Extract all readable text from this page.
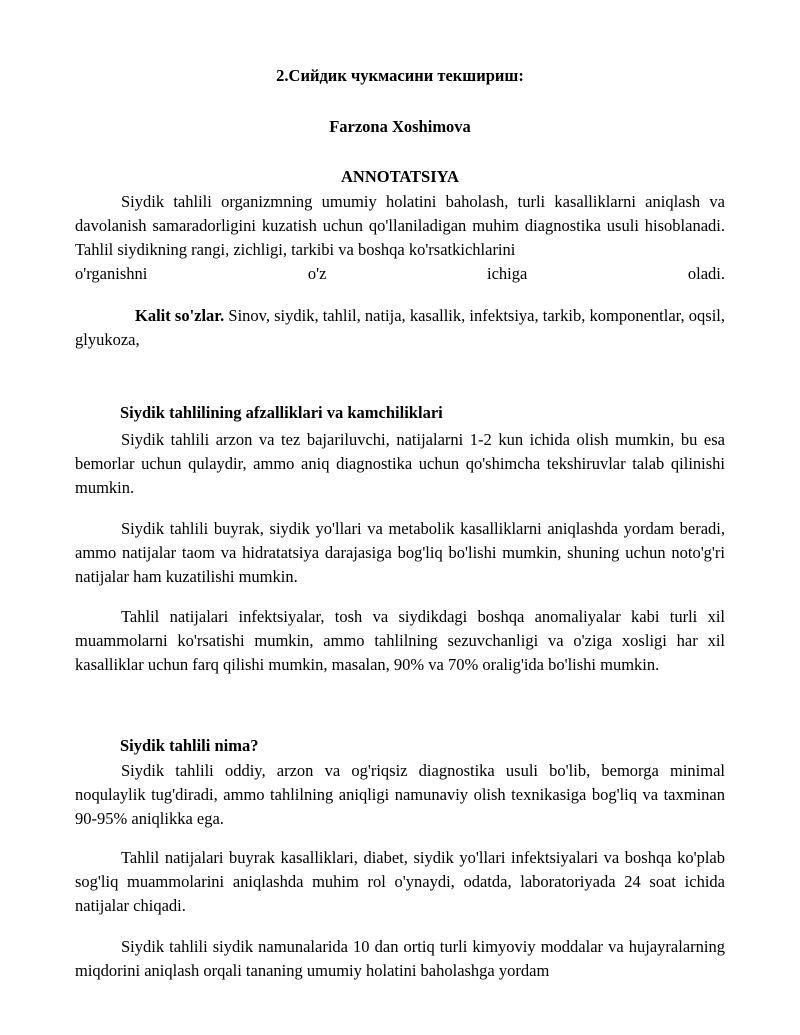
2.Сийдик чукмасини текшириш:
Farzona Xoshimova
ANNOTATSIYA

Siydik tahlili organizmning umumiy holatini baholash, turli kasalliklarni aniqlash va davolanish samaradorligini kuzatish uchun qo'llaniladigan muhim diagnostika usuli hisoblanadi. Tahlil siydikning rangi, zichligi, tarkibi va boshqa ko'rsatkichlarini

o'rganishni	o'z	ichiga	oladi.

Kalit so'zlar. Sinov, siydik, tahlil, natija, kasallik, infektsiya, tarkib, komponentlar, oqsil, glyukoza,

Siydik tahlilining afzalliklari va kamchiliklari

Siydik tahlili arzon va tez bajariluvchi, natijalarni 1-2 kun ichida olish mumkin, bu esa bemorlar uchun qulaydir, ammo aniq diagnostika uchun qo'shimcha tekshiruvlar talab qilinishi mumkin.

Siydik tahlili buyrak, siydik yo'llari va metabolik kasalliklarni aniqlashda yordam beradi, ammo natijalar taom va hidratatsiya darajasiga bog'liq bo'lishi mumkin, shuning uchun noto'g'ri natijalar ham kuzatilishi mumkin.

Tahlil natijalari infektsiyalar, tosh va siydikdagi boshqa anomaliyalar kabi turli xil muammolarni ko'rsatishi mumkin, ammo tahlilning sezuvchanligi va o'ziga xosligi har xil kasalliklar uchun farq qilishi mumkin, masalan, 90% va 70% oralig'ida bo'lishi mumkin.

Siydik tahlili nima?

Siydik tahlili oddiy, arzon va og'riqsiz diagnostika usuli bo'lib, bemorga minimal noqulaylik tug'diradi, ammo tahlilning aniqligi namunaviy olish texnikasiga bog'liq va taxminan 90-95% aniqlikka ega.

Tahlil natijalari buyrak kasalliklari, diabet, siydik yo'llari infektsiyalari va boshqa ko'plab sog'liq muammolarini aniqlashda muhim rol o'ynaydi, odatda, laboratoriyada 24 soat ichida natijalar chiqadi.

Siydik tahlili siydik namunalarida 10 dan ortiq turli kimyoviy moddalar va hujayralarning miqdorini aniqlash orqali tananing umumiy holatini baholashga yordam
